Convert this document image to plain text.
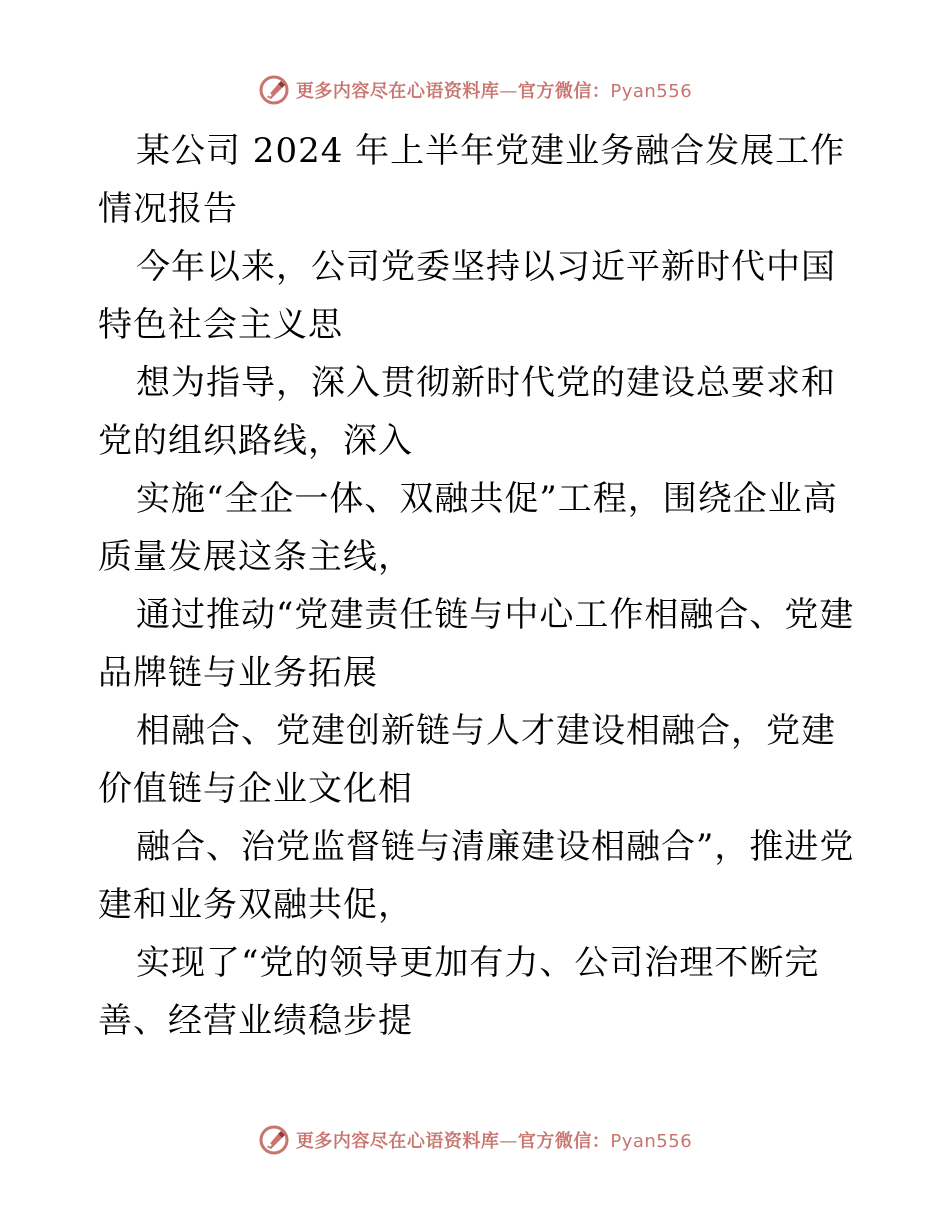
更多内容尽在心语资料库—官方微信：Pyan556

某公司 2024 年上半年党建业务融合发展工作情况报告

今年以来，公司党委坚持以习近平新时代中国特色社会主义思

想为指导，深入贯彻新时代党的建设总要求和党的组织路线，深入

实施“全企一体、双融共促”工程，围绕企业高质量发展这条主线，

通过推动“党建责任链与中心工作相融合、党建品牌链与业务拓展

相融合、党建创新链与人才建设相融合，党建价值链与企业文化相

融合、治党监督链与清廉建设相融合”，推进党建和业务双融共促，

实现了“党的领导更加有力、公司治理不断完善、经营业绩稳步提

更多内容尽在心语资料库—官方微信：Pyan556
